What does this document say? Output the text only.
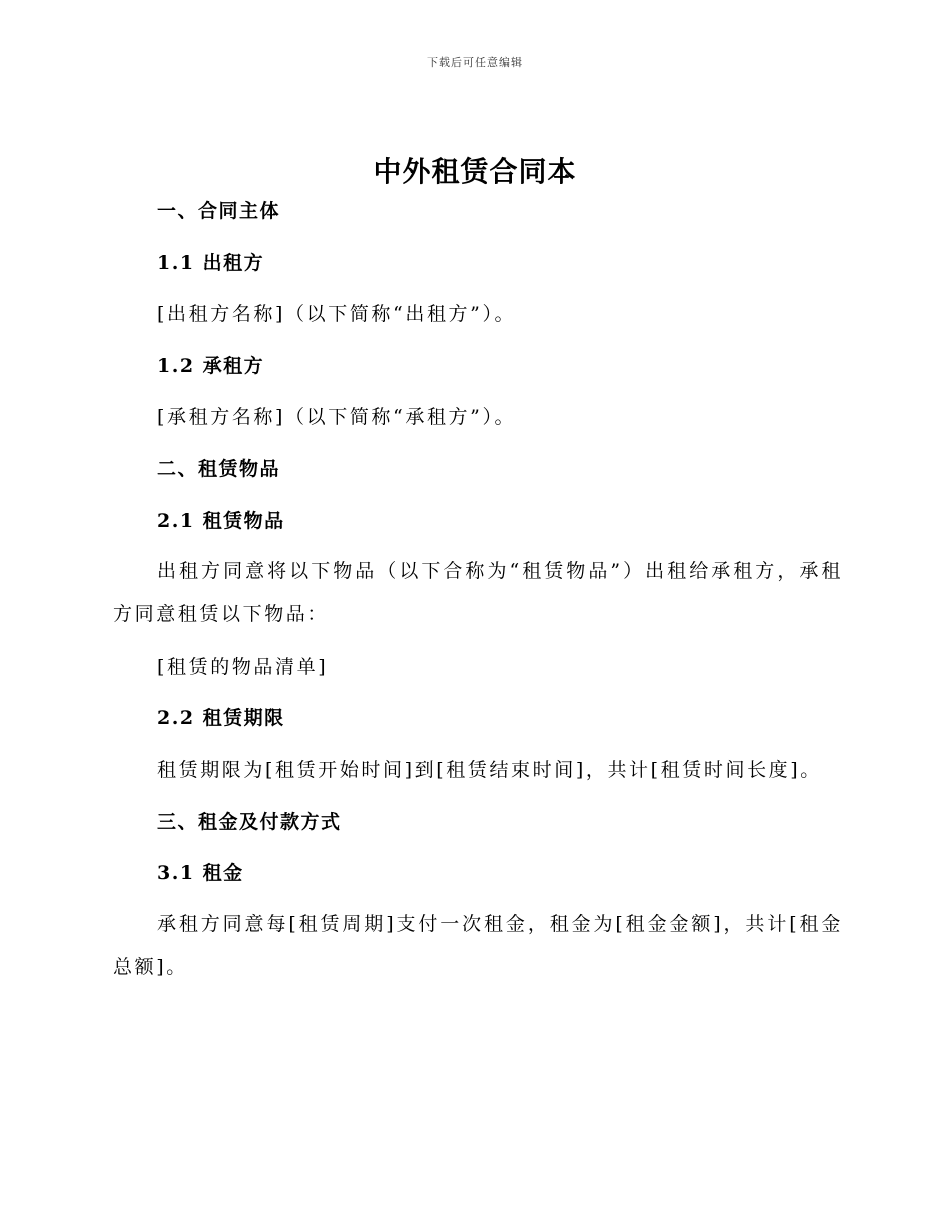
下载后可任意编辑
中外租赁合同本
一、合同主体
1.1 出租方
[出租方名称]（以下简称“出租方”）。
1.2 承租方
[承租方名称]（以下简称“承租方”）。
二、租赁物品
2.1 租赁物品
出租方同意将以下物品（以下合称为“租赁物品”）出租给承租方，承租方同意租赁以下物品：
[租赁的物品清单]
2.2 租赁期限
租赁期限为[租赁开始时间]到[租赁结束时间]，共计[租赁时间长度]。
三、租金及付款方式
3.1 租金
承租方同意每[租赁周期]支付一次租金，租金为[租金金额]，共计[租金总额]。
